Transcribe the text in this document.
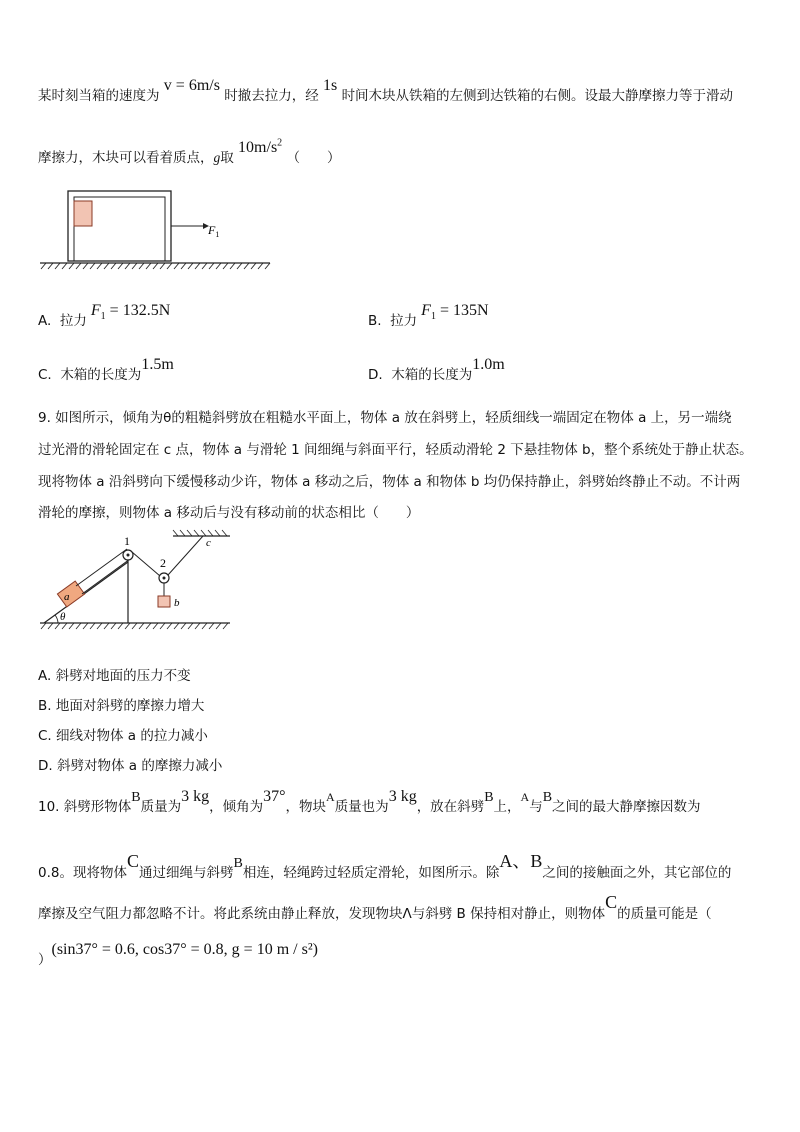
某时刻当箱的速度为 v = 6m/s 时撤去拉力，经 1s 时间木块从铁箱的左侧到达铁箱的右侧。设最大静摩擦力等于滑动
摩擦力，木块可以看着质点，g取 $10m/s^2$ （　　）
$F_1$
A. 拉力$F_1 = 132.5N$
B. 拉力$F_1 = 135N$
C. 木箱的长度为1.5m
D. 木箱的长度为1.0m
9. 如图所示，倾角为θ的粗糙斜劈放在粗糙水平面上，物体 a 放在斜劈上，轻质细线一端固定在物体 a 上，另一端绕
过光滑的滑轮固定在 c 点，物体 a 与滑轮 1 间细绳与斜面平行，轻质动滑轮 2 下悬挂物体 b，整个系统处于静止状态。
现将物体 a 沿斜劈向下缓慢移动少许，物体 a 移动之后，物体 a 和物体 b 均仍保持静止，斜劈始终静止不动。不计两
滑轮的摩擦，则物体 a 移动后与没有移动前的状态相比（　　）
a
1
2
c
b
θ
A. 斜劈对地面的压力不变
B. 地面对斜劈的摩擦力增大
C. 细线对物体 a 的拉力减小
D. 斜劈对物体 a 的摩擦力减小
10. 斜劈形物体B质量为3 kg，倾角为37°，物块A质量也为3 kg，放在斜劈B上，A与B之间的最大静摩擦因数为
0.8。现将物体C通过细绳与斜劈B相连，轻绳跨过轻质定滑轮，如图所示。除A、B之间的接触面之外，其它部位的
摩擦及空气阻力都忽略不计。将此系统由静止释放，发现物块Λ与斜劈 B 保持相对静止，则物体C的质量可能是（
）(sin37° = 0.6, cos37° = 0.8, g = 10 m / s²)
